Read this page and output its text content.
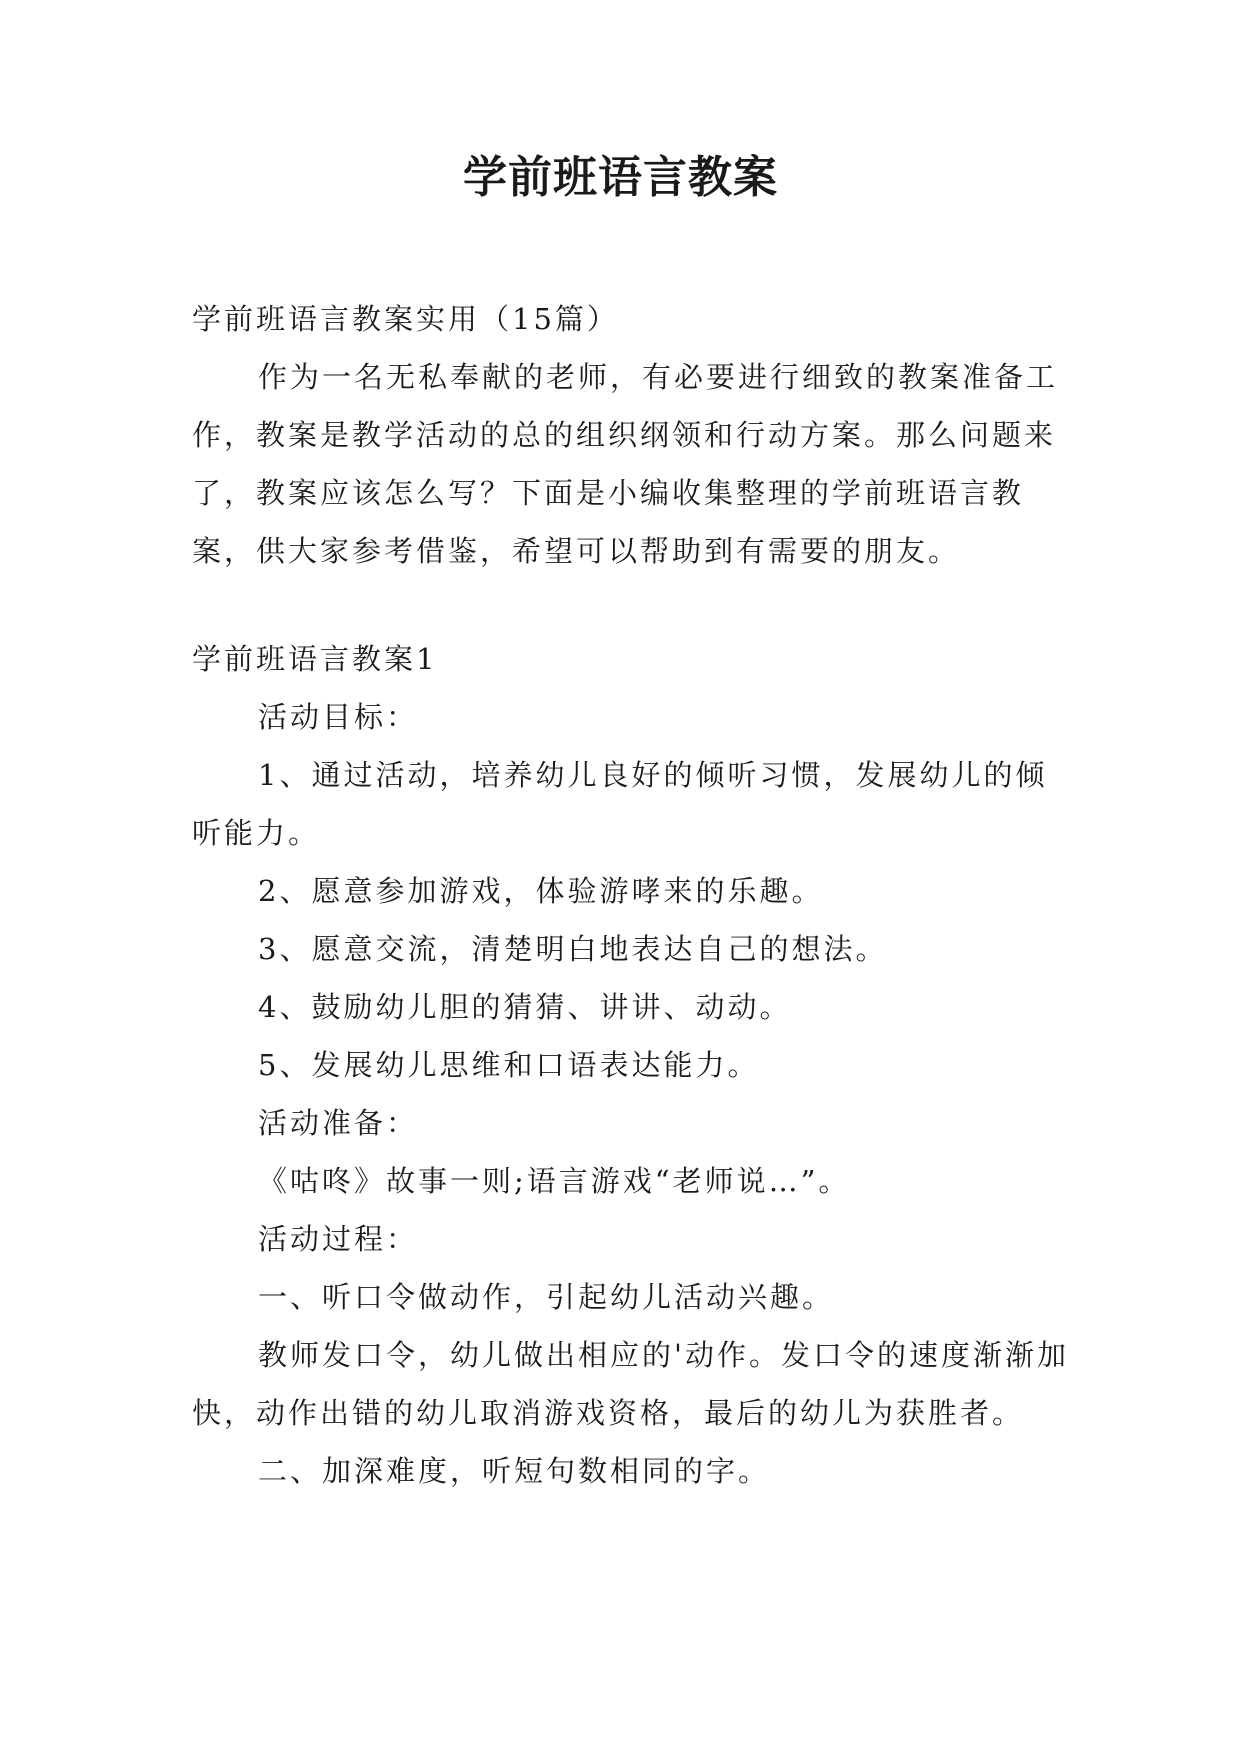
学前班语言教案

学前班语言教案实用（15篇）

作为一名无私奉献的老师，有必要进行细致的教案准备工作，教案是教学活动的总的组织纲领和行动方案。那么问题来了，教案应该怎么写？下面是小编收集整理的学前班语言教案，供大家参考借鉴，希望可以帮助到有需要的朋友。

学前班语言教案1

活动目标：

1、通过活动，培养幼儿良好的倾听习惯，发展幼儿的倾听能力。

2、愿意参加游戏，体验游哮来的乐趣。

3、愿意交流，清楚明白地表达自己的想法。

4、鼓励幼儿胆的猜猜、讲讲、动动。

5、发展幼儿思维和口语表达能力。

活动准备：

《咕咚》故事一则;语言游戏“老师说…”。

活动过程：

一、听口令做动作，引起幼儿活动兴趣。

教师发口令，幼儿做出相应的'动作。发口令的速度渐渐加快，动作出错的幼儿取消游戏资格，最后的幼儿为获胜者。

二、加深难度，听短句数相同的字。
